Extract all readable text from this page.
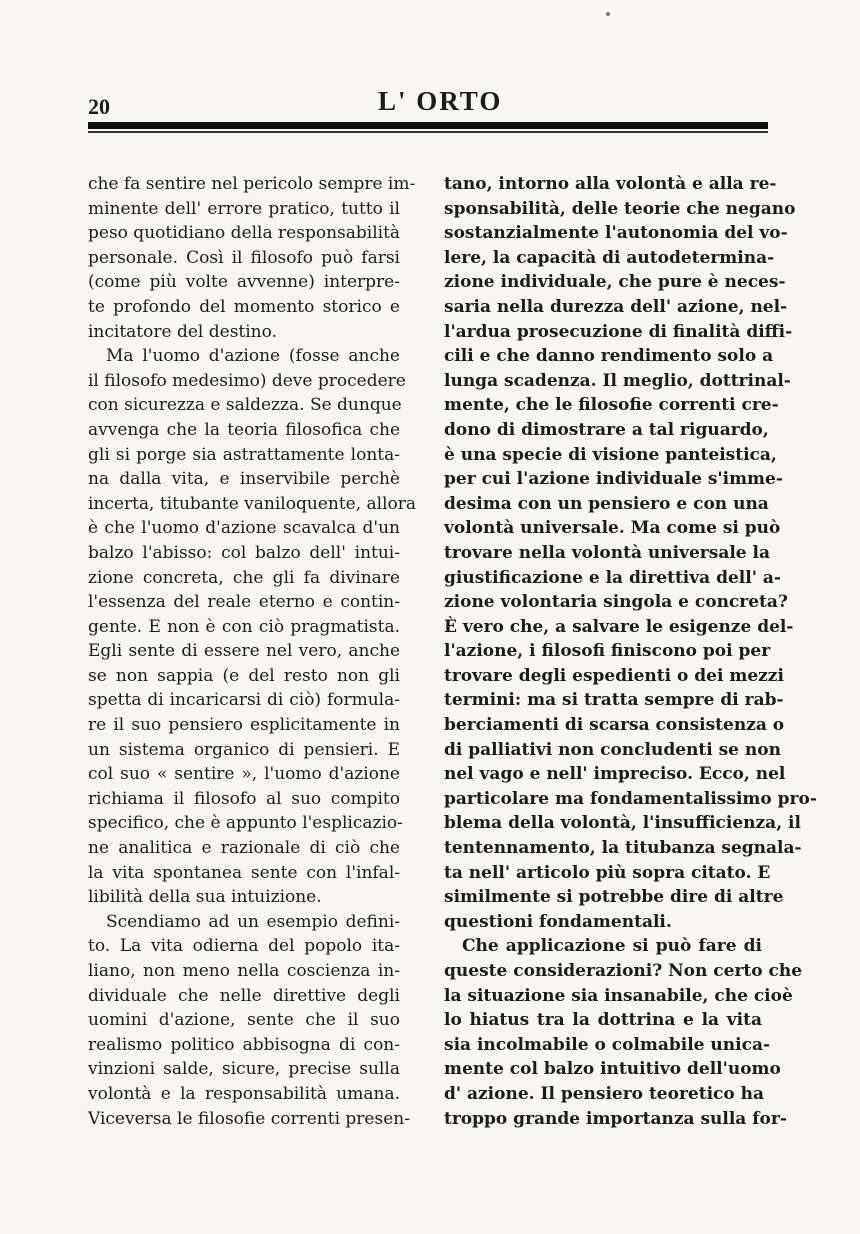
20	L' ORTO
che fa sentire nel pericolo sempre im-
minente dell' errore pratico, tutto il
peso quotidiano della responsabilità
personale. Così il filosofo può farsi
(come più volte avvenne) interpre-
te profondo del momento storico e
incitatore del destino.
Ma l'uomo d'azione (fosse anche
il filosofo medesimo) deve procedere
con sicurezza e saldezza. Se dunque
avvenga che la teoria filosofica che
gli si porge sia astrattamente lonta-
na dalla vita, e inservibile perchè
incerta, titubante vaniloquente, allora
è che l'uomo d'azione scavalca d'un
balzo l'abisso: col balzo dell' intui-
zione concreta, che gli fa divinare
l'essenza del reale eterno e contin-
gente. E non è con ciò pragmatista.
Egli sente di essere nel vero, anche
se non sappia (e del resto non gli
spetta di incaricarsi di ciò) formula-
re il suo pensiero esplicitamente in
un sistema organico di pensieri. E
col suo « sentire », l'uomo d'azione
richiama il filosofo al suo compito
specifico, che è appunto l'esplicazio-
ne analitica e razionale di ciò che
la vita spontanea sente con l'infal-
libilità della sua intuizione.
Scendiamo ad un esempio defini-
to. La vita odierna del popolo ita-
liano, non meno nella coscienza in-
dividuale che nelle direttive degli
uomini d'azione, sente che il suo
realismo politico abbisogna di con-
vinzioni salde, sicure, precise sulla
volontà e la responsabilità umana.
Viceversa le filosofie correnti presen-
tano, intorno alla volontà e alla re-
sponsabilità, delle teorie che negano
sostanzialmente l'autonomia del vo-
lere, la capacità di autodetermina-
zione individuale, che pure è neces-
saria nella durezza dell' azione, nel-
l'ardua prosecuzione di finalità diffi-
cili e che danno rendimento solo a
lunga scadenza. Il meglio, dottrinal-
mente, che le filosofie correnti cre-
dono di dimostrare a tal riguardo,
è una specie di visione panteistica,
per cui l'azione individuale s'imme-
desima con un pensiero e con una
volontà universale. Ma come si può
trovare nella volontà universale la
giustificazione e la direttiva dell' a-
zione volontaria singola e concreta?
È vero che, a salvare le esigenze del-
l'azione, i filosofi finiscono poi per
trovare degli espedienti o dei mezzi
termini: ma si tratta sempre di rab-
berciamenti di scarsa consistenza o
di palliativi non concludenti se non
nel vago e nell' impreciso. Ecco, nel
particolare ma fondamentalissimo pro-
blema della volontà, l'insufficienza, il
tentennamento, la titubanza segnala-
ta nell' articolo più sopra citato. E
similmente si potrebbe dire di altre
questioni fondamentali.
Che applicazione si può fare di
queste considerazioni? Non certo che
la situazione sia insanabile, che cioè
lo hiatus tra la dottrina e la vita
sia incolmabile o colmabile unica-
mente col balzo intuitivo dell'uomo
d' azione. Il pensiero teoretico ha
troppo grande importanza sulla for-
